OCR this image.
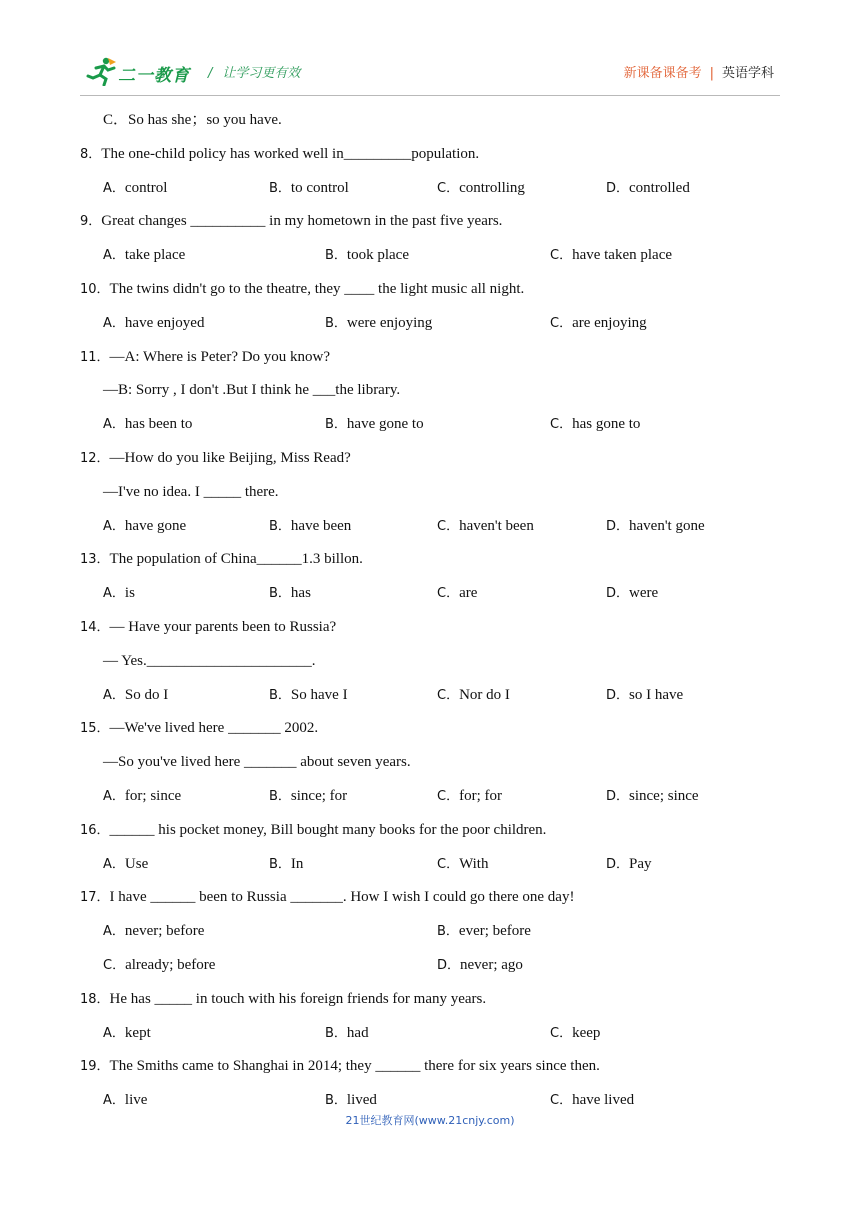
二一教育 / 让学习更有效	新课备课备考 | 英语学科
C．So has she；so you have.
8．The one-child policy has worked well in_________population.
A．control	B．to control	C．controlling	D．controlled
9．Great changes __________ in my hometown in the past five years.
A．take place	B．took place	C．have taken place
10．The twins didn't go to the theatre, they ____ the light music all night.
A．have enjoyed	B．were enjoying	C．are enjoying
11．—A: Where is Peter? Do you know?
—B: Sorry , I don't .But I think he ___the library.
A．has been to	B．have gone to	C．has gone to
12．—How do you like Beijing, Miss Read?
—I've no idea. I _____ there.
A．have gone	B．have been	C．haven't been	D．haven't gone
13．The population of China______1.3 billon.
A．is	B．has	C．are	D．were
14．— Have your parents been to Russia?
— Yes.______________________.
A．So do I	B．So have I	C．Nor do I	D．so I have
15．—We've lived here _______ 2002.
—So you've lived here _______ about seven years.
A．for; since	B．since; for	C．for; for	D．since; since
16．______ his pocket money, Bill bought many books for the poor children.
A．Use	B．In	C．With	D．Pay
17．I have ______ been to Russia _______. How I wish I could go there one day!
A．never; before	B．ever; before
C．already; before	D．never; ago
18．He has _____ in touch with his foreign friends for many years.
A．kept	B．had	C．keep
19．The Smiths came to Shanghai in 2014; they ______ there for six years since then.
A．live	B．lived	C．have lived
21世纪教育网(www.21cnjy.com)
